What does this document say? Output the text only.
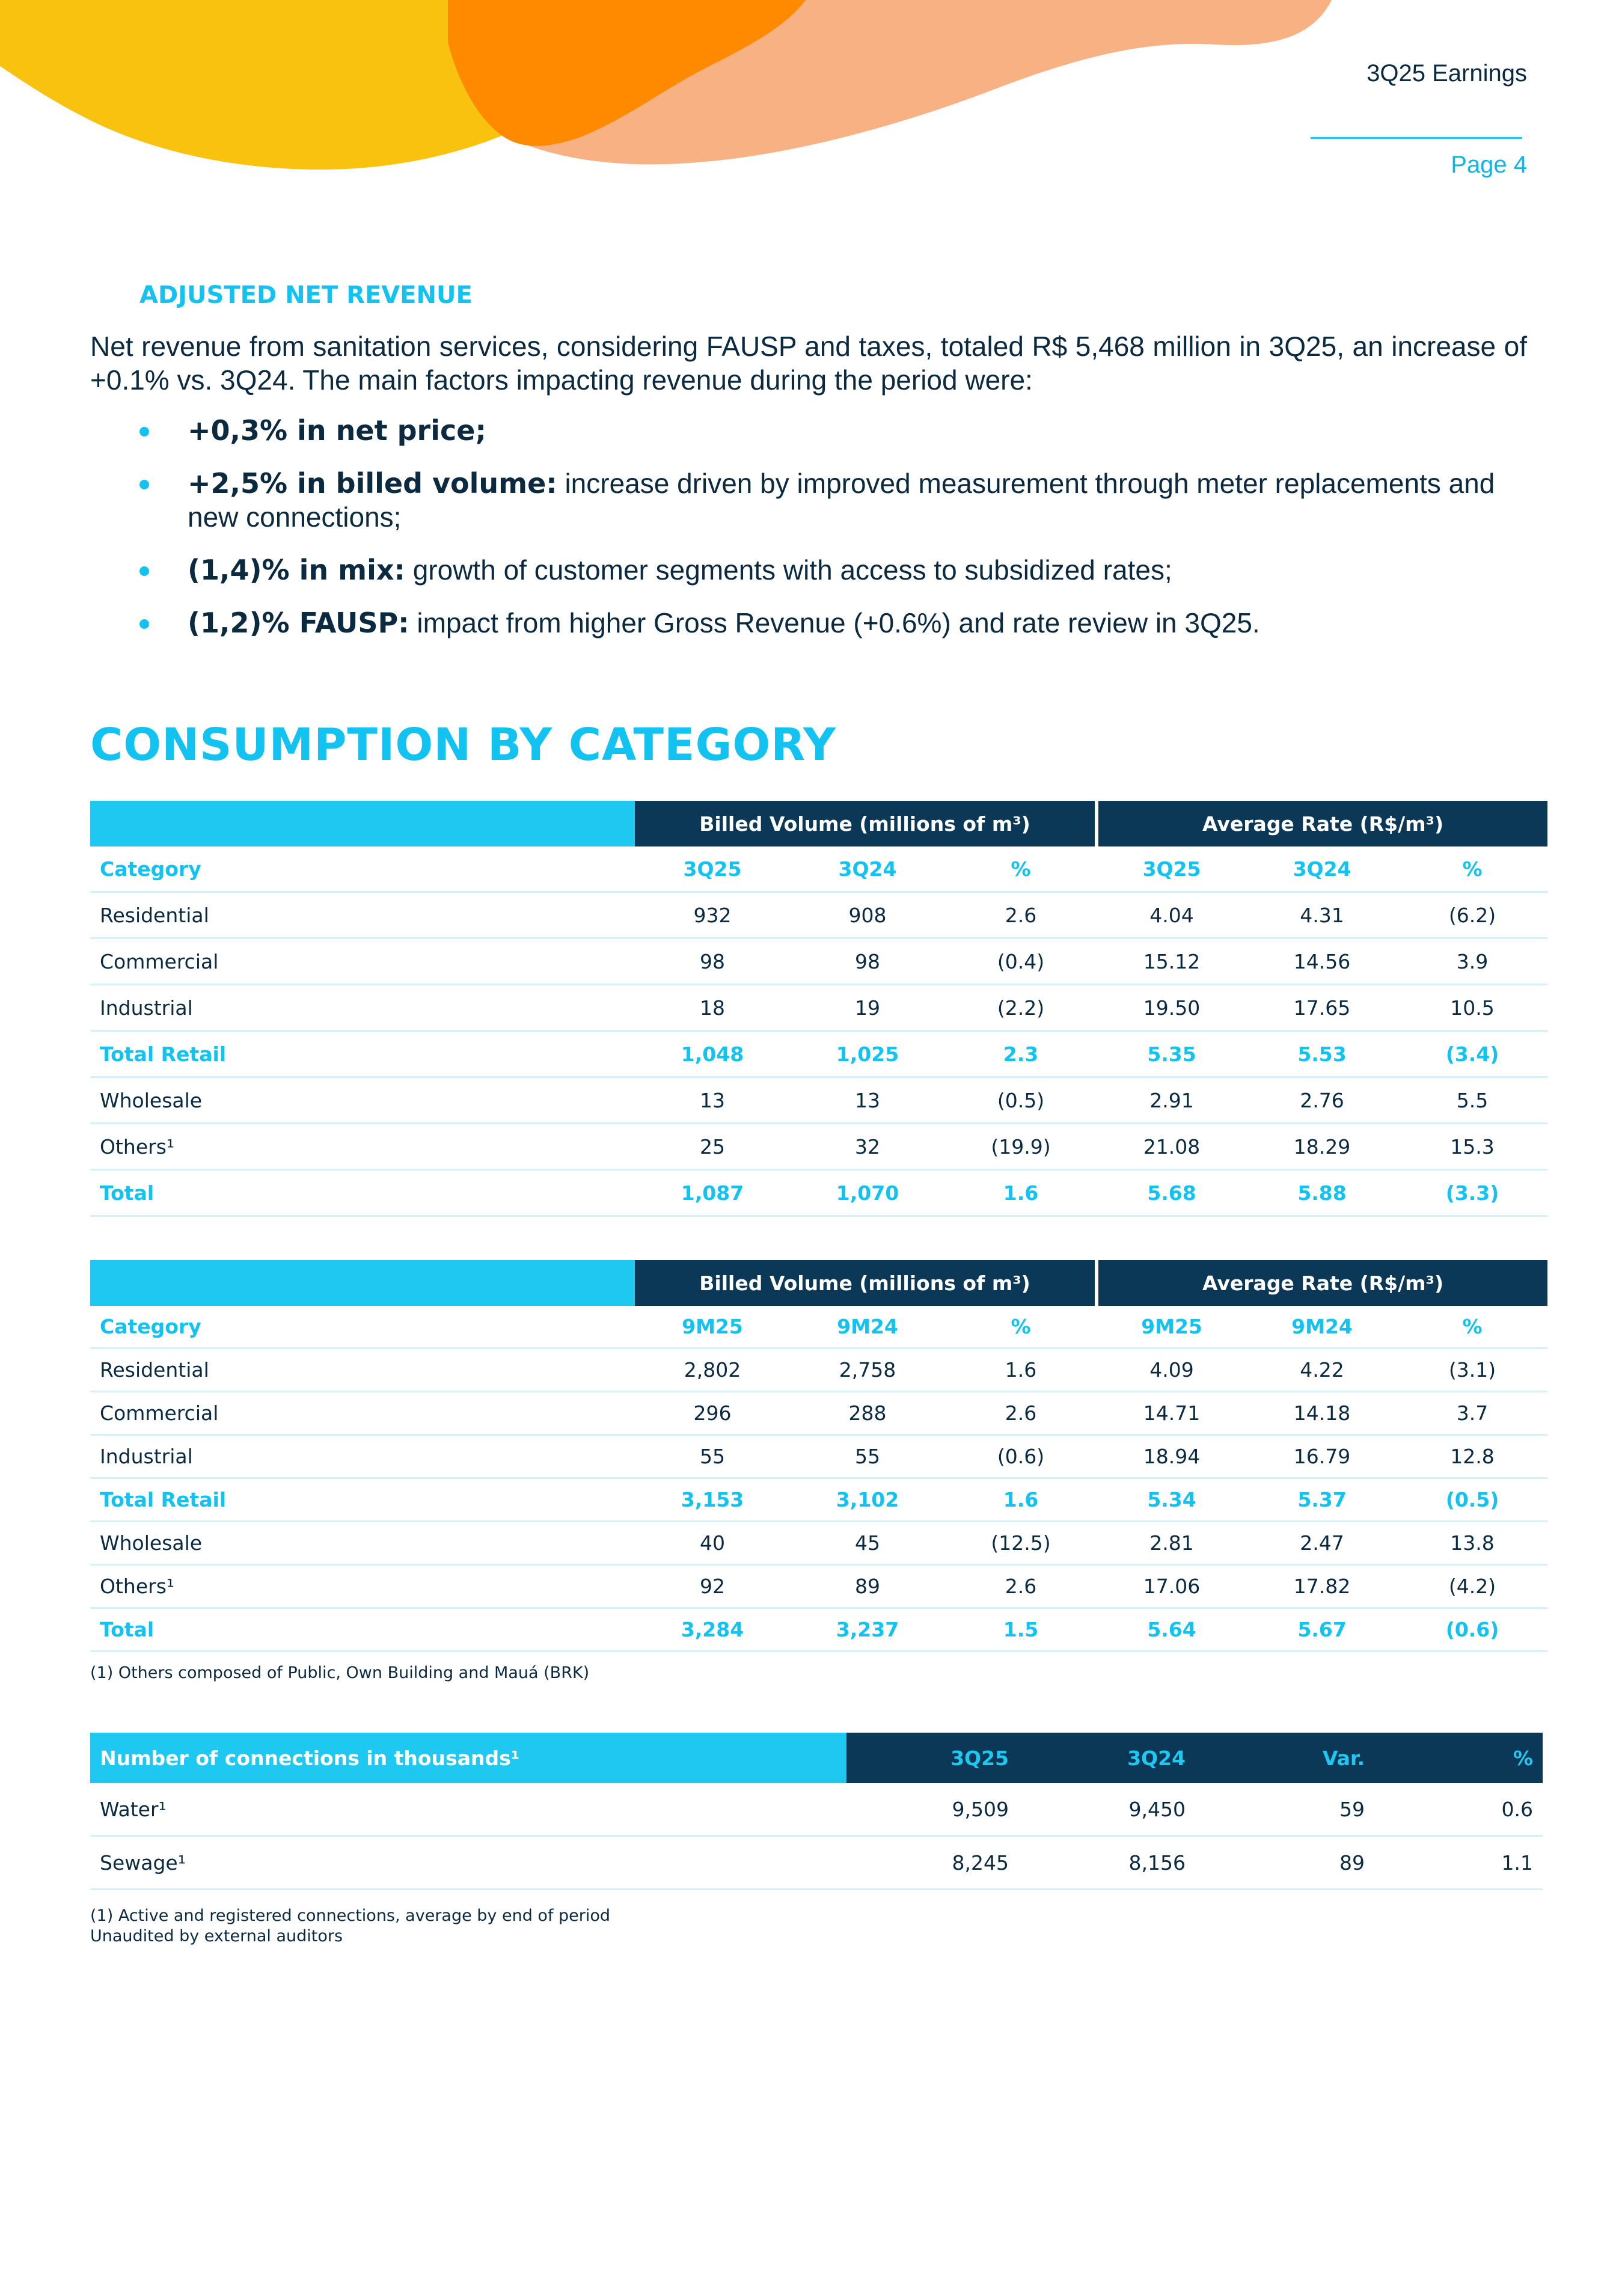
3Q25 Earnings
Page 4
ADJUSTED NET REVENUE
Net revenue from sanitation services, considering FAUSP and taxes, totaled R$ 5,468 million in 3Q25, an increase of +0.1% vs. 3Q24. The main factors impacting revenue during the period were:
+0,3% in net price;
+2,5% in billed volume: increase driven by improved measurement through meter replacements and new connections;
(1,4)% in mix: growth of customer segments with access to subsidized rates;
(1,2)% FAUSP: impact from higher Gross Revenue (+0.6%) and rate review in 3Q25.
CONSUMPTION BY CATEGORY
	Billed Volume (millions of m³)			Average Rate (R$/m³)		
Category	3Q25	3Q24	%	3Q25	3Q24	%
Residential	932	908	2.6	4.04	4.31	(6.2)
Commercial	98	98	(0.4)	15.12	14.56	3.9
Industrial	18	19	(2.2)	19.50	17.65	10.5
Total Retail	1,048	1,025	2.3	5.35	5.53	(3.4)
Wholesale	13	13	(0.5)	2.91	2.76	5.5
Others¹	25	32	(19.9)	21.08	18.29	15.3
Total	1,087	1,070	1.6	5.68	5.88	(3.3)
	Billed Volume (millions of m³)			Average Rate (R$/m³)		
Category	9M25	9M24	%	9M25	9M24	%
Residential	2,802	2,758	1.6	4.09	4.22	(3.1)
Commercial	296	288	2.6	14.71	14.18	3.7
Industrial	55	55	(0.6)	18.94	16.79	12.8
Total Retail	3,153	3,102	1.6	5.34	5.37	(0.5)
Wholesale	40	45	(12.5)	2.81	2.47	13.8
Others¹	92	89	2.6	17.06	17.82	(4.2)
Total	3,284	3,237	1.5	5.64	5.67	(0.6)
(1) Others composed of Public, Own Building and Mauá (BRK)
Number of connections in thousands¹	3Q25	3Q24	Var.	%
Water¹	9,509	9,450	59	0.6
Sewage¹	8,245	8,156	89	1.1
(1) Active and registered connections, average by end of period
Unaudited by external auditors
